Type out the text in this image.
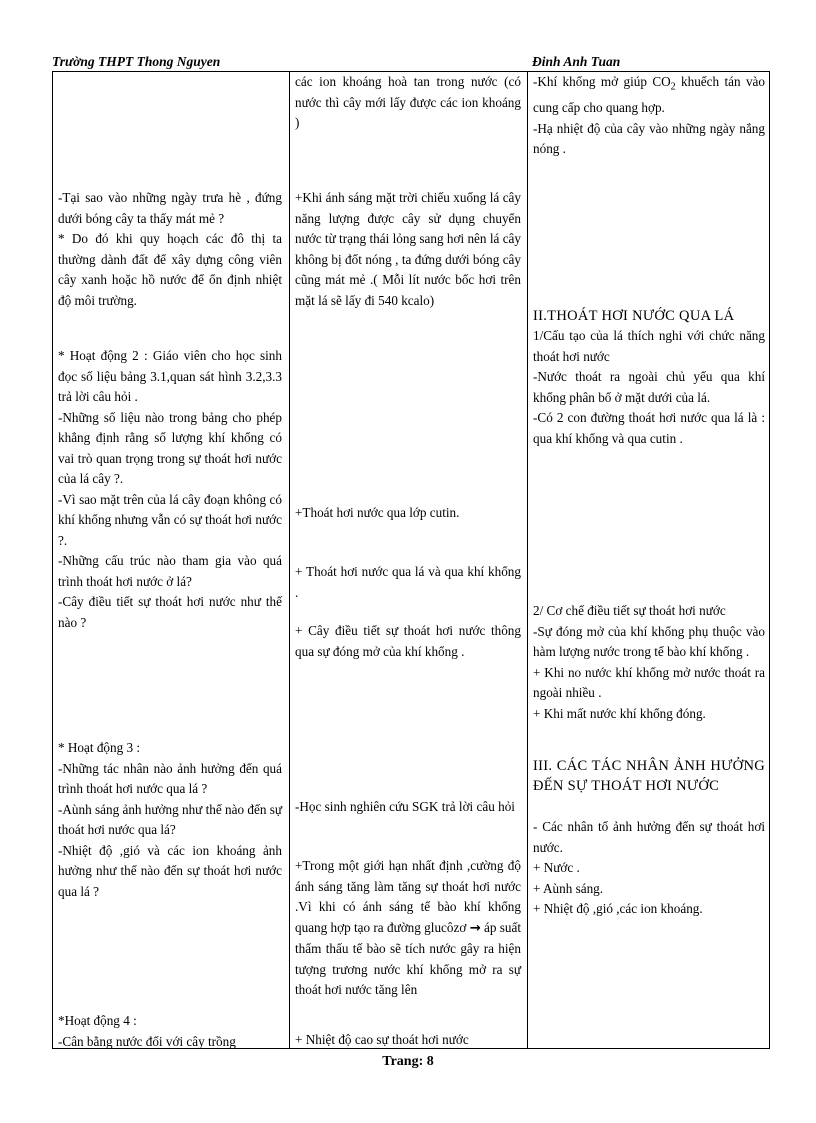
Trường THPT Thong Nguyen	Đinh Anh Tuan

-Tại sao vào những ngày trưa hè , đứng dưới bóng cây ta thấy mát mẻ ?
* Do đó khi quy hoạch các đô thị ta thường dành đất để xây dựng công viên cây xanh hoặc hồ nước để ổn định nhiệt độ môi trường.

* Hoạt động 2 : Giáo viên cho học sinh đọc số liệu bảng 3.1,quan sát hình 3.2,3.3 trả lời câu hỏi .
-Những số liệu nào trong bảng cho phép khẳng định rằng số lượng khí khổng có vai trò quan trọng trong sự thoát hơi nước của lá cây ?.
-Vì sao mặt trên của lá cây đoạn không có khí khổng nhưng vẫn có sự thoát hơi nước ?.
-Những cấu trúc nào tham gia vào quá trình thoát hơi nước ở lá?
-Cây điều tiết sự thoát hơi nước như thế nào ?

* Hoạt động 3 :
-Những tác nhân nào ảnh hưởng đến quá trình thoát hơi nước qua lá ?
-Aùnh sáng ảnh hưởng như thế nào đến sự thoát hơi nước qua lá?
-Nhiệt độ ,gió và các ion khoáng ảnh hưởng như thế nào đến sự thoát hơi nước qua lá ?

*Hoạt động 4 :
-Cân bằng nước đối với cây trồng

các ion khoáng hoà tan trong nước (có nước thì cây mới lấy được các ion khoáng )

+Khi ánh sáng mặt trời chiếu xuống lá cây năng lượng được cây sử dụng chuyển nước từ trạng thái lỏng sang hơi nên lá cây không bị đốt nóng , ta đứng dưới bóng cây cũng mát mẻ .( Mỗi lít nước bốc hơi trên mặt lá sẽ lấy đi 540 kcalo)

+Thoát hơi nước qua lớp cutin.

+ Thoát hơi nước qua lá và qua khí khổng .

+ Cây điều tiết sự thoát hơi nước thông qua sự đóng mở của khí khổng .

-Học sinh nghiên cứu SGK trả lời câu hỏi

+Trong một giới hạn nhất định ,cường độ ánh sáng tăng làm tăng sự thoát hơi nước .Vì khi có ánh sáng tế bào khí khổng quang hợp tạo ra đường glucôzơ → áp suất thẩm thấu tế bào sẽ tích nước gây ra hiện tượng trương nước khí khổng mở ra sự thoát hơi nước tăng lên

+ Nhiệt độ cao sự thoát hơi nước

-Khí khổng mở giúp $CO_2$ khuếch tán vào cung cấp cho quang hợp.
-Hạ nhiệt độ của cây vào những ngày nắng nóng .

II.THOÁT HƠI NƯỚC QUA LÁ

1/Cấu tạo của lá thích nghi với chức năng thoát hơi nước
-Nước thoát ra ngoài chủ yếu qua khí khổng phân bố ở mặt dưới của lá.
-Có 2 con đường thoát hơi nước qua lá là : qua khí khổng và qua cutin .

2/ Cơ chế điều tiết sự thoát hơi nước
-Sự đóng mở của khí khổng phụ thuộc vào hàm lượng nước trong tế bào khí khổng .
+ Khi no nước khí khổng mở nước thoát ra ngoài nhiều .
+ Khi mất nước khí khổng đóng.

III. CÁC TÁC NHÂN ẢNH HƯỞNG ĐẾN SỰ THOÁT HƠI NƯỚC

- Các nhân tố ảnh hưởng đến sự thoát hơi nước.
+ Nước .
+ Aùnh sáng.
+ Nhiệt độ ,gió ,các ion khoáng.

Trang: 8
